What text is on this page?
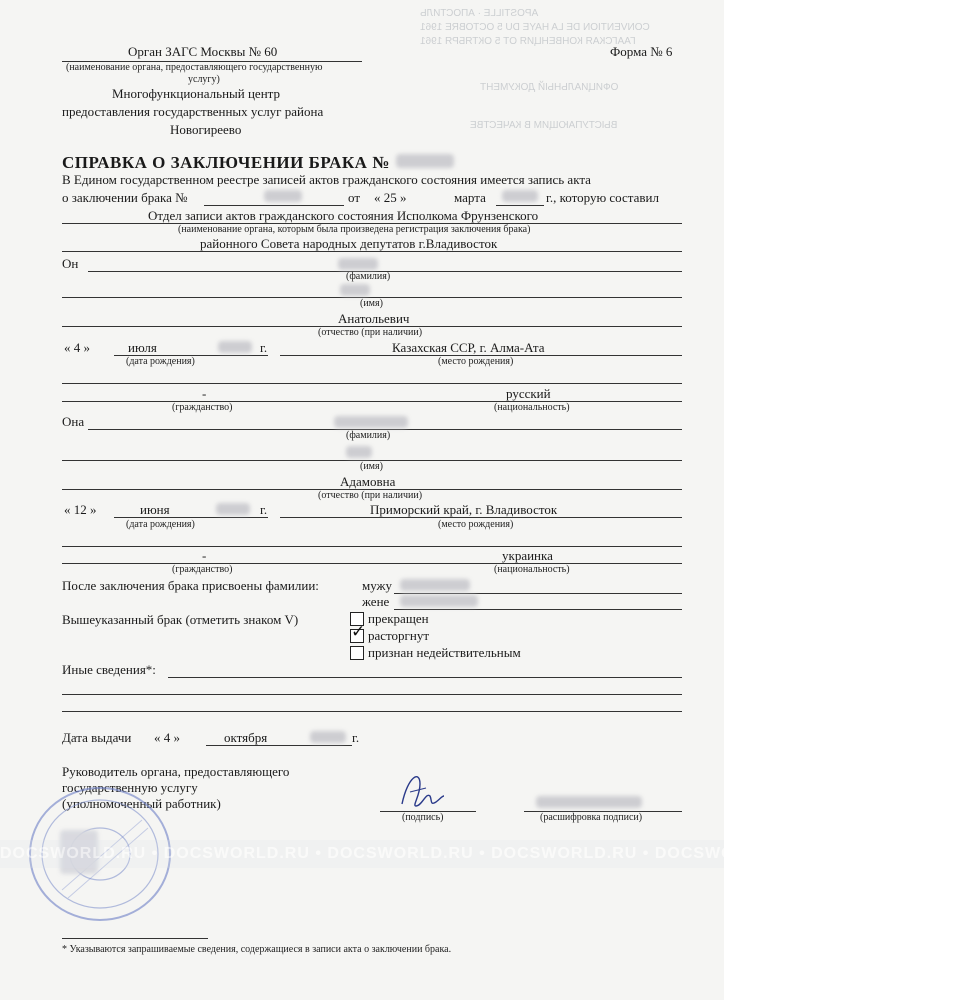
APOSTILLE · АПОСТИЛЬ
CONVENTION DE LA HAYE DU 5 OCTOBRE 1961
ГААГСКАЯ КОНВЕНЦИЯ ОТ 5 ОКТЯБРЯ 1961
ОФИЦИАЛЬНЫЙ ДОКУМЕНТ
ВЫСТУПАЮЩИМ В КАЧЕСТВЕ
Орган ЗАГС Москвы № 60
(наименование органа, предоставляющего государственную
услугу)
Многофункциональный центр
предоставления государственных услуг района
Новогиреево
Форма № 6
СПРАВКА О ЗАКЛЮЧЕНИИ БРАКА №
В Едином государственном реестре записей актов гражданского состояния имеется запись акта
о заключении брака №	от « 25 »	марта	г., которую составил
Отдел записи актов гражданского состояния Исполкома Фрунзенского
(наименование органа, которым была произведена регистрация заключения брака)
районного Совета народных депутатов г.Владивосток
Он
(фамилия)
(имя)
Анатольевич
(отчество (при наличии)
« 4 »	июля	г.
(дата рождения)
Казахская ССР, г. Алма-Ата
(место рождения)
-	русский
(гражданство)	(национальность)
Она
(фамилия)
(имя)
Адамовна
(отчество (при наличии)
« 12 »	июня	г.
(дата рождения)
Приморский край, г. Владивосток
(место рождения)
-	украинка
(гражданство)	(национальность)
После заключения брака присвоены фамилии:	мужу
жене
Вышеуказанный брак (отметить знаком V)	прекращен
✓ расторгнут
признан недействительным
Иные сведения*:
Дата выдачи « 4 »	октября	г.
Руководитель органа, предоставляющего
государственную услугу
(уполномоченный работник)
(подпись)	(расшифровка подписи)
DOCSWORLD.RU • DOCSWORLD.RU • DOCSWORLD.RU • DOCSWORLD.RU • DOCSWORLD.RU • DOCSWORLD.RU
* Указываются запрашиваемые сведения, содержащиеся в записи акта о заключении брака.
